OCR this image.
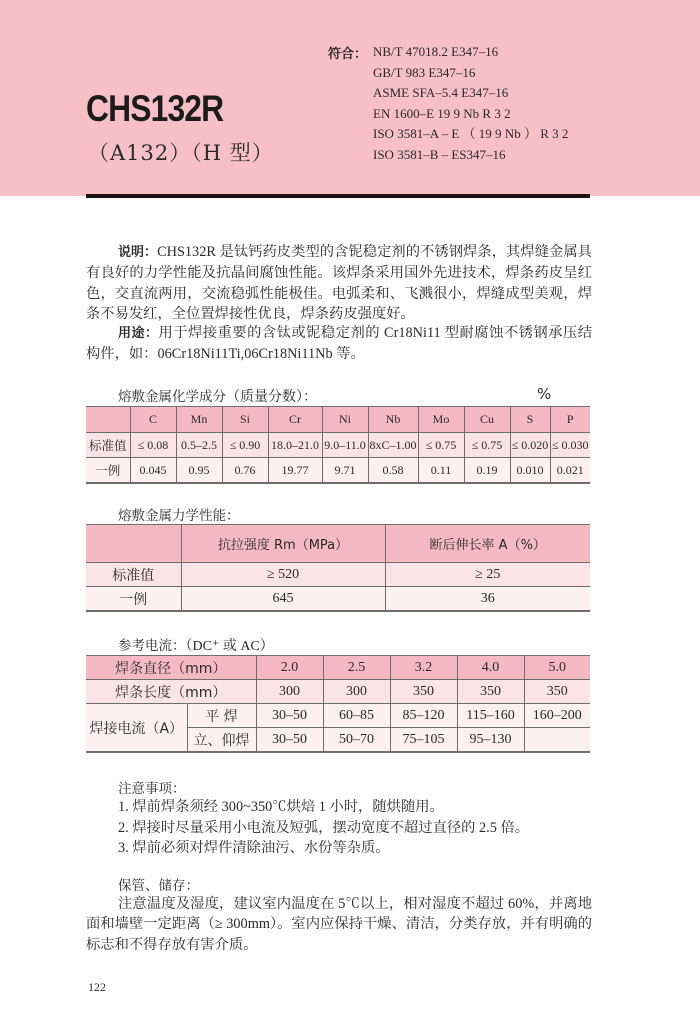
CHS132R
（A132）（H 型）
符合： NB/T 47018.2 E347–16
GB/T 983 E347–16
ASME SFA–5.4 E347–16
EN 1600–E 19 9 Nb R 3 2
ISO 3581–A – E （ 19 9 Nb ） R 3 2
ISO 3581–B – ES347–16

说明：CHS132R 是钛钙药皮类型的含铌稳定剂的不锈钢焊条，其焊缝金属具有良好的力学性能及抗晶间腐蚀性能。该焊条采用国外先进技术，焊条药皮呈红色，交直流两用，交流稳弧性能极佳。电弧柔和、飞溅很小，焊缝成型美观，焊条不易发红，全位置焊接性优良，焊条药皮强度好。

用途：用于焊接重要的含钛或铌稳定剂的 Cr18Ni11 型耐腐蚀不锈钢承压结构件，如：06Cr18Ni11Ti,06Cr18Ni11Nb 等。

熔敷金属化学成分（质量分数）：	%
	C	Mn	Si	Cr	Ni	Nb	Mo	Cu	S	P
标准值	≤ 0.08	0.5–2.5	≤ 0.90	18.0–21.0	9.0–11.0	8xC–1.00	≤ 0.75	≤ 0.75	≤ 0.020	≤ 0.030
一例	0.045	0.95	0.76	19.77	9.71	0.58	0.11	0.19	0.010	0.021
熔敷金属力学性能：
	抗拉强度 Rm（MPa）	断后伸长率 A（%）
标准值	≥ 520	≥ 25
一例	645	36
参考电流：（DC⁺ 或 AC）
焊条直径（mm）		2.0	2.5	3.2	4.0	5.0
焊条长度（mm）		300	300	350	350	350
焊接电流（A）	平 焊	30–50	60–85	85–120	115–160	160–200
	立、仰焊	30–50	50–70	75–105	95–130	
注意事项：
1. 焊前焊条须经 300~350℃烘焙 1 小时，随烘随用。
2. 焊接时尽量采用小电流及短弧，摆动宽度不超过直径的 2.5 倍。
3. 焊前必须对焊件清除油污、水份等杂质。
保管、储存：

注意温度及湿度，建议室内温度在 5℃以上，相对湿度不超过 60%，并离地面和墙壁一定距离（≥ 300mm）。室内应保持干燥、清洁，分类存放，并有明确的标志和不得存放有害介质。

122
